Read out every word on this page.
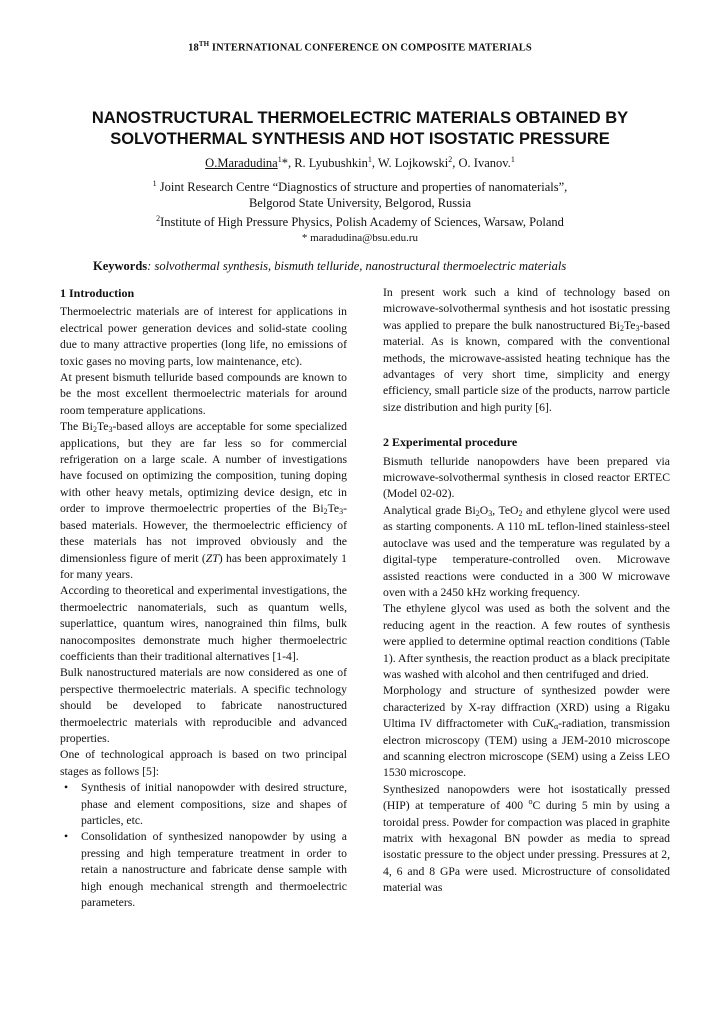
18TH INTERNATIONAL CONFERENCE ON COMPOSITE MATERIALS
NANOSTRUCTURAL THERMOELECTRIC MATERIALS OBTAINED BY
SOLVOTHERMAL SYNTHESIS AND HOT ISOSTATIC PRESSURE
O.Maradudina$^1$*, R. Lyubushkin$^1$, W. Lojkowski$^2$, O. Ivanov.$^1$
$^1$ Joint Research Centre “Diagnostics of structure and properties of nanomaterials”,
Belgorod State University, Belgorod, Russia
$^2$Institute of High Pressure Physics, Polish Academy of Sciences, Warsaw, Poland
* maradudina@bsu.edu.ru
Keywords: solvothermal synthesis, bismuth telluride, nanostructural thermoelectric materials
1 Introduction

Thermoelectric materials are of interest for applications in electrical power generation devices and solid-state cooling due to many attractive properties (long life, no emissions of toxic gases no moving parts, low maintenance, etc).

At present bismuth telluride based compounds are known to be the most excellent thermoelectric materials for around room temperature applications.

The $Bi_2Te_3$-based alloys are acceptable for some specialized applications, but they are far less so for commercial refrigeration on a large scale. A number of investigations have focused on optimizing the composition, tuning doping with other heavy metals, optimizing device design, etc in order to improve thermoelectric properties of the $Bi_2Te_3$-based materials. However, the thermoelectric efficiency of these materials has not improved obviously and the dimensionless figure of merit (ZT) has been approximately 1 for many years.

According to theoretical and experimental investigations, the thermoelectric nanomaterials, such as quantum wells, superlattice, quantum wires, nanograined thin films, bulk nanocomposites demonstrate much higher thermoelectric coefficients than their traditional alternatives [1-4].

Bulk nanostructured materials are now considered as one of perspective thermoelectric materials. A specific technology should be developed to fabricate nanostructured thermoelectric materials with reproducible and advanced properties.

One of technological approach is based on two principal stages as follows [5]:

• Synthesis of initial nanopowder with desired structure, phase and element compositions, size and shapes of particles, etc.
• Consolidation of synthesized nanopowder by using a pressing and high temperature treatment in order to retain a nanostructure and fabricate dense sample with high enough mechanical strength and thermoelectric parameters.

In present work such a kind of technology based on microwave-solvothermal synthesis and hot isostatic pressing was applied to prepare the bulk nanostructured $Bi_2Te_3$-based material. As is known, compared with the conventional methods, the microwave-assisted heating technique has the advantages of very short time, simplicity and energy efficiency, small particle size of the products, narrow particle size distribution and high purity [6].

2 Experimental procedure

Bismuth telluride nanopowders have been prepared via microwave-solvothermal synthesis in closed reactor ERTEC (Model 02-02).

Analytical grade $Bi_2O_3$, TeO$_2$ and ethylene glycol were used as starting components. A 110 mL teflon-lined stainless-steel autoclave was used and the temperature was regulated by a digital-type temperature-controlled oven. Microwave assisted reactions were conducted in a 300 W microwave oven with a 2450 kHz working frequency.

The ethylene glycol was used as both the solvent and the reducing agent in the reaction. A few routes of synthesis were applied to determine optimal reaction conditions (Table 1). After synthesis, the reaction product as a black precipitate was washed with alcohol and then centrifuged and dried.

Morphology and structure of synthesized powder were characterized by X-ray diffraction (XRD) using a Rigaku Ultima IV diffractometer with CuK$_\alpha$-radiation, transmission electron microscopy (TEM) using a JEM-2010 microscope and scanning electron microscope (SEM) using a Zeiss LEO 1530 microscope.

Synthesized nanopowders were hot isostatically pressed (HIP) at temperature of 400 $^o$C during 5 min by using a toroidal press. Powder for compaction was placed in graphite matrix with hexagonal BN powder as media to spread isostatic pressure to the object under pressing. Pressures at 2, 4, 6 and 8 GPa were used. Microstructure of consolidated material was
